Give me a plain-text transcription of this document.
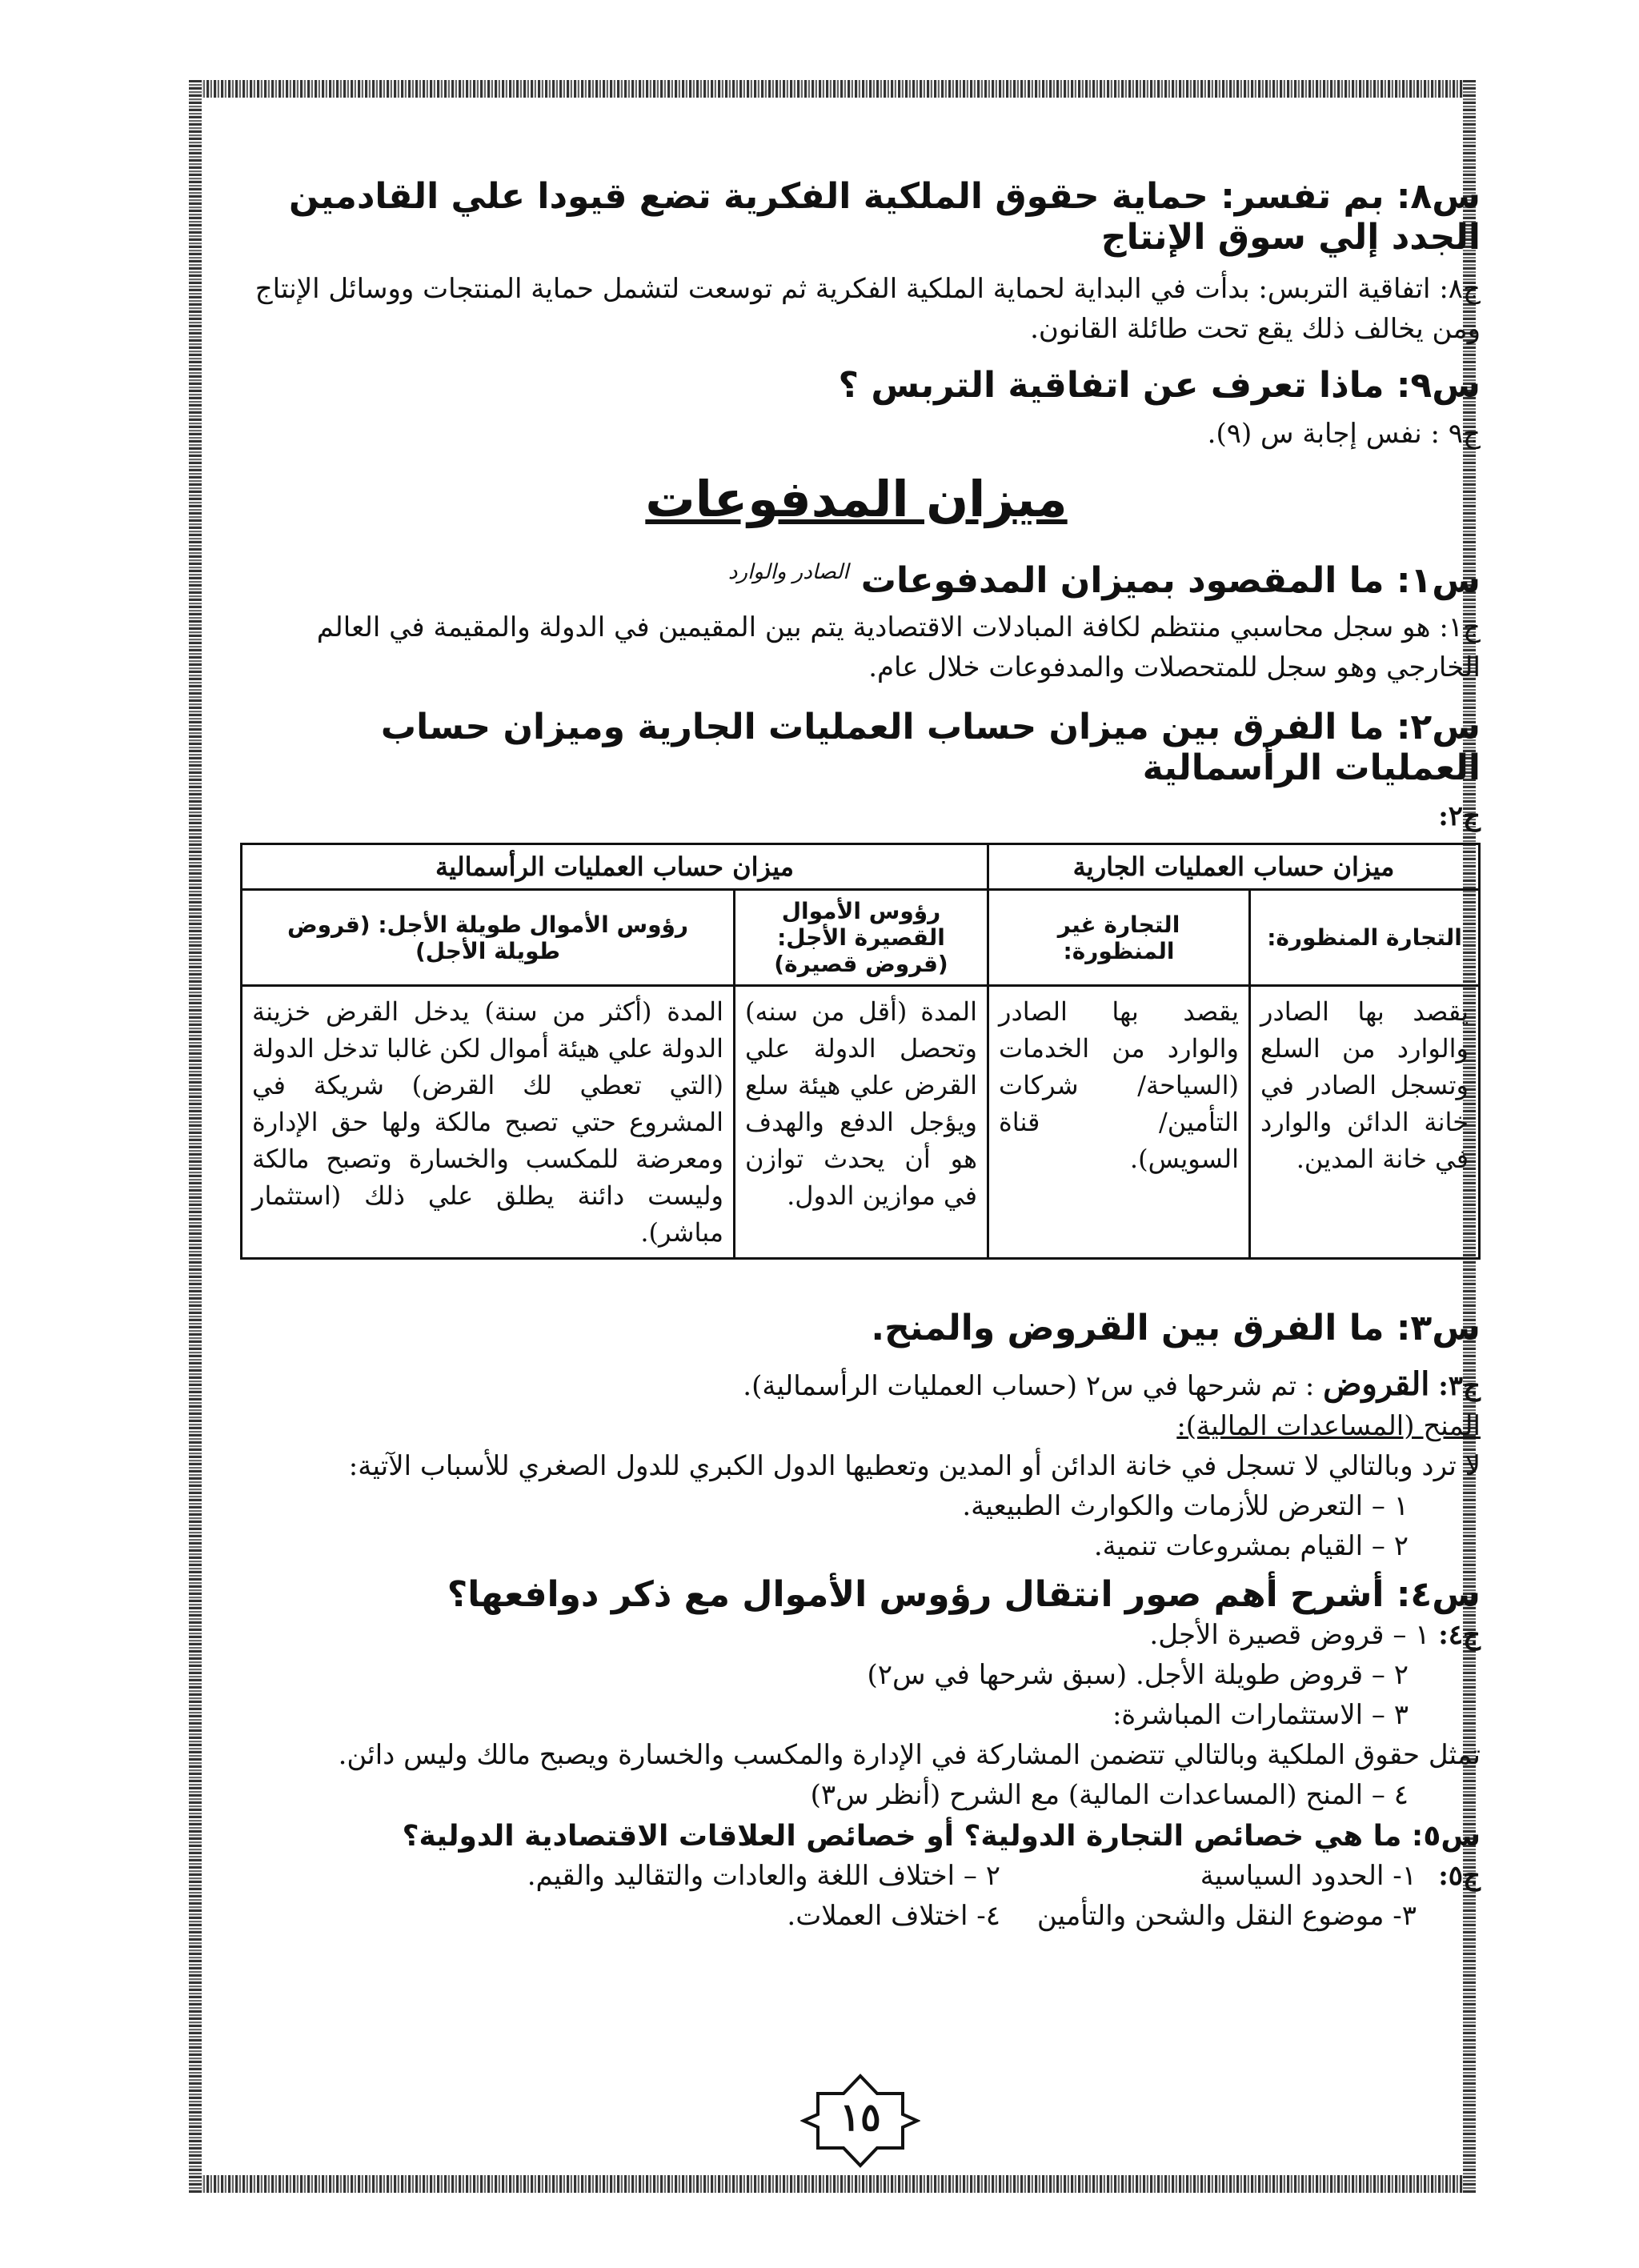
س٨: بم تفسر: حماية حقوق الملكية الفكرية تضع قيودا علي القادمين الجدد إلي سوق الإنتاج

ج٨: اتفاقية التربس: بدأت في البداية لحماية الملكية الفكرية ثم توسعت لتشمل حماية المنتجات ووسائل الإنتاج ومن يخالف ذلك يقع تحت طائلة القانون.

س٩: ماذا تعرف عن اتفاقية التربس ؟

ج٩ : نفس إجابة س (٩).

ميزان المدفوعات

س١: ما المقصود بميزان المدفوعات $^{الصادر والوارد}$

ج١: هو سجل محاسبي منتظم لكافة المبادلات الاقتصادية يتم بين المقيمين في الدولة والمقيمة في العالم الخارجي وهو سجل للمتحصلات والمدفوعات خلال عام.

س٢: ما الفرق بين ميزان حساب العمليات الجارية وميزان حساب العمليات الرأسمالية

ج٢:

ميزان حساب العمليات الجارية		ميزان حساب العمليات الرأسمالية	
التجارة المنظورة:	التجارة غير المنظورة:	رؤوس الأموال القصيرة الأجل: (قروض قصيرة)	رؤوس الأموال طويلة الأجل: (قروض طويلة الأجل)
يقصد بها الصادر والوارد من السلع وتسجل الصادر في خانة الدائن والوارد في خانة المدين.	يقصد بها الصادر والوارد من الخدمات (السياحة/ شركات التأمين/ قناة السويس).	المدة (أقل من سنه) وتحصل الدولة علي القرض علي هيئة سلع ويؤجل الدفع والهدف هو أن يحدث توازن في موازين الدول.	المدة (أكثر من سنة) يدخل القرض خزينة الدولة علي هيئة أموال لكن غالبا تدخل الدولة (التي تعطي لك القرض) شريكة في المشروع حتي تصبح مالكة ولها حق الإدارة ومعرضة للمكسب والخسارة وتصبح مالكة وليست دائنة يطلق علي ذلك (استثمار مباشر).

س٣: ما الفرق بين القروض والمنح.

ج٣: القروض : تم شرحها في س٢ (حساب العمليات الرأسمالية).

المنح (المساعدات المالية):

لا ترد وبالتالي لا تسجل في خانة الدائن أو المدين وتعطيها الدول الكبري للدول الصغري للأسباب الآتية:

١ – التعرض للأزمات والكوارث الطبيعية.

٢ – القيام بمشروعات تنمية.

س٤: أشرح أهم صور انتقال رؤوس الأموال مع ذكر دوافعها؟

ج٤: ١ – قروض قصيرة الأجل.

٢ – قروض طويلة الأجل. (سبق شرحها في س٢)

٣ – الاستثمارات المباشرة:

تمثل حقوق الملكية وبالتالي تتضمن المشاركة في الإدارة والمكسب والخسارة ويصبح مالك وليس دائن.

٤ – المنح (المساعدات المالية) مع الشرح (أنظر س٣)

س٥: ما هي خصائص التجارة الدولية؟ أو خصائص العلاقات الاقتصادية الدولية؟

ج٥:
١- الحدود السياسية
٢ – اختلاف اللغة والعادات والتقاليد والقيم.
٣- موضوع النقل والشحن والتأمين
٤- اختلاف العملات.
١٥
